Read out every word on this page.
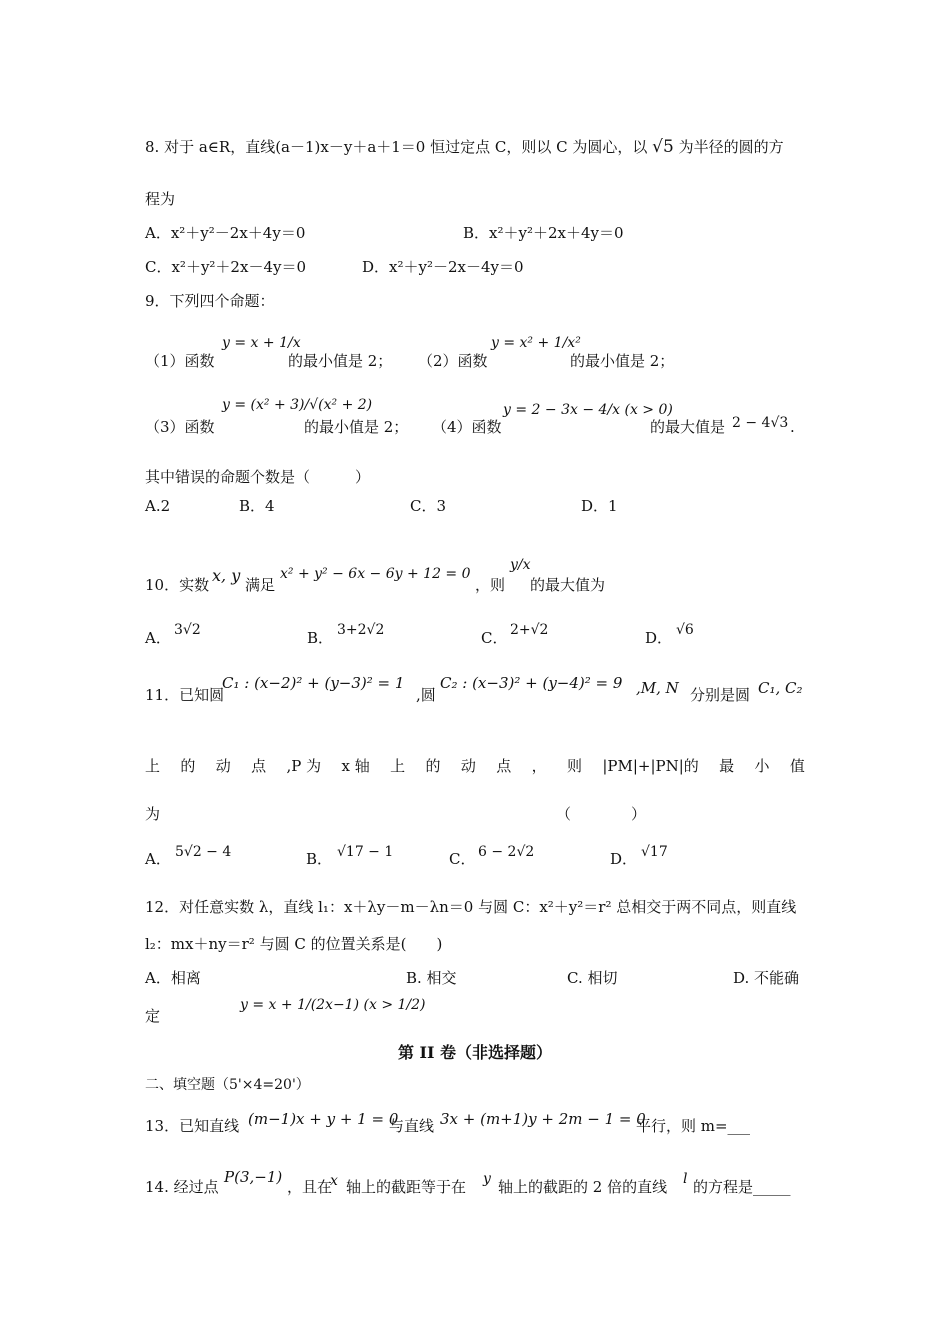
8. 对于 a∈R，直线(a－1)x－y＋a＋1＝0 恒过定点 C，则以 C 为圆心，以 √5 为半径的圆的方
程为
A．x²＋y²－2x＋4y＝0	B．x²＋y²＋2x＋4y＝0
C．x²＋y²＋2x－4y＝0	D．x²＋y²－2x－4y＝0
9．下列四个命题：
（1）函数
y = x + 1/x
的最小值是 2； （2）函数
y = x² + 1/x²
的最小值是 2；
（3）函数
y = (x² + 3)/√(x² + 2)
的最小值是 2； （4）函数
y = 2 − 3x − 4/x (x > 0)
的最大值是 2 − 4√3 .
其中错误的命题个数是（　　　）
A.2	B．4	C．3	D．1
10．实数 x, y 满足
x² + y² − 6x − 6y + 12 = 0
，则
y/x
的最大值为
A． 3√2	B． 3+2√2	C． 2+√2	D． √6
11．已知圆
C₁ : (x−2)² + (y−3)² = 1
,圆
C₂ : (x−3)² + (y−4)² = 9 ,M, N 分别是圆 C₁, C₂
上 的 动 点 ,P 为 x 轴 上 的 动 点 ， 则 |PM|+|PN|的 最 小 值
为	（　　　　）
A． 5√2 − 4	B． √17 − 1	C． 6 − 2√2	D． √17
12．对任意实数 λ，直线 l₁：x＋λy－m－λn＝0 与圆 C：x²＋y²＝r² 总相交于两不同点，则直线
l₂：mx＋ny＝r² 与圆 C 的位置关系是(　　)
A．相离	B. 相交	C. 相切	D. 不能确
定
y = x + 1/(2x−1) (x > 1/2)
第 II 卷（非选择题）
二、填空题（5'×4=20'）
13．已知直线 (m−1)x + y + 1 = 0
与直线 3x + (m+1)y + 2m − 1 = 0
平行，则 m=___
14. 经过点
P(3,−1)
，且在
x 轴上的截距等于在 y 轴上的截距的 2 倍的直线 l 的方程是_____
